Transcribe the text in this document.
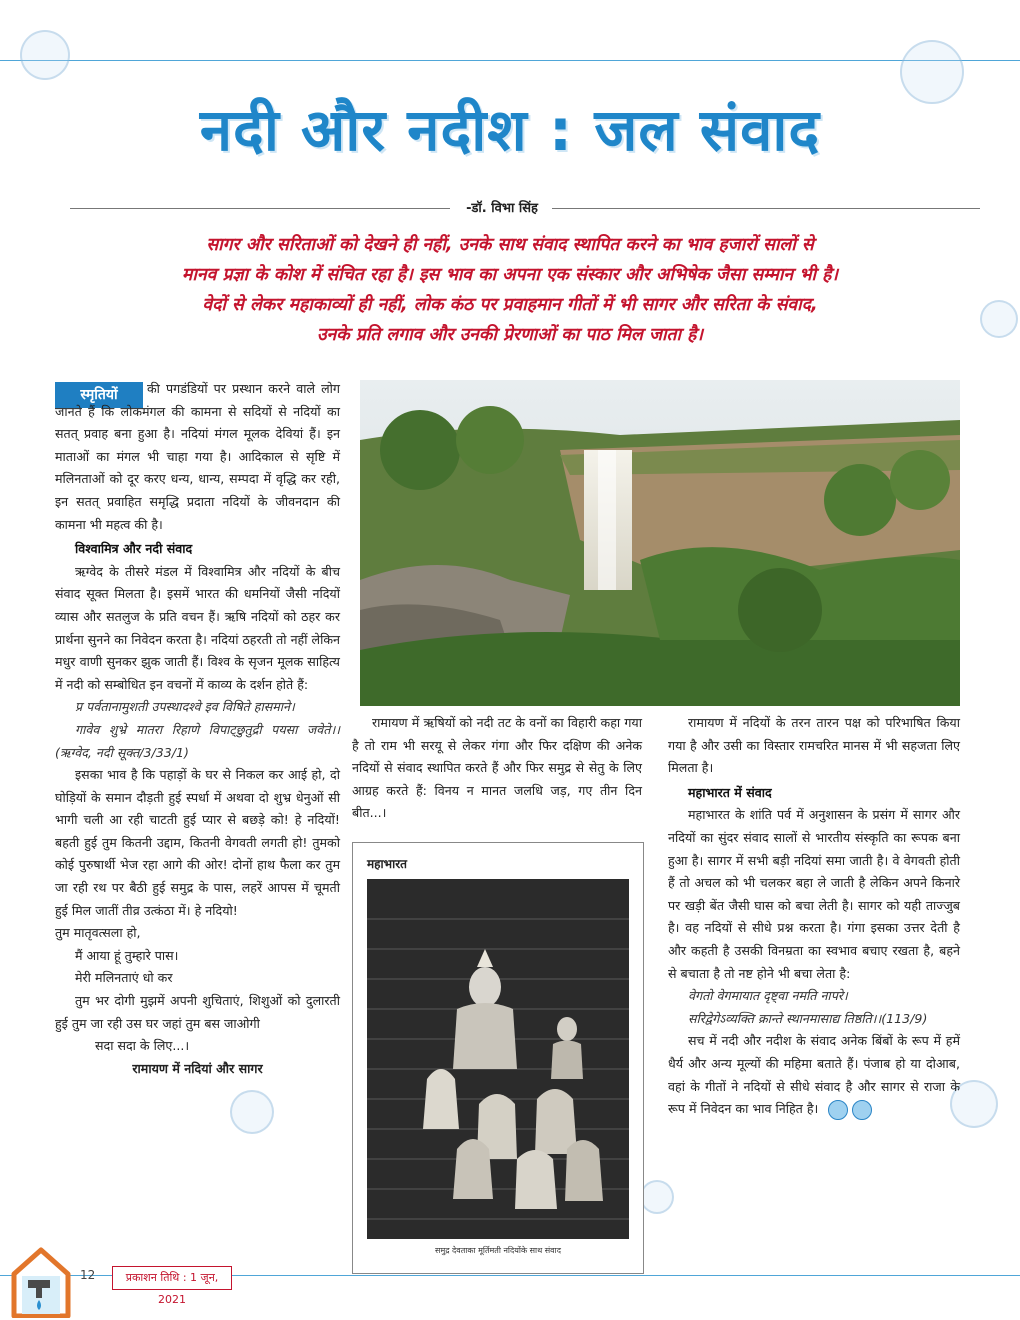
नदी और नदीश : जल संवाद
-डॉ. विभा सिंह
सागर और सरिताओं को देखने ही नहीं, उनके साथ संवाद स्थापित करने का भाव हजारों सालों से
मानव प्रज्ञा के कोश में संचित रहा है। इस भाव का अपना एक संस्कार और अभिषेक जैसा सम्मान भी है।
वेदों से लेकर महाकाव्यों ही नहीं, लोक कंठ पर प्रवाहमान गीतों में भी सागर और सरिता के संवाद,
उनके प्रति लगाव और उनकी प्रेरणाओं का पाठ मिल जाता है।
स्मृतियों	की पगडंडियों पर प्रस्थान करने वाले लोग जानते हैं कि लोकमंगल की कामना से सदियों से नदियों का सतत् प्रवाह बना हुआ है। नदियां मंगल मूलक देवियां हैं। इन माताओं का मंगल भी चाहा गया है। आदिकाल से सृष्टि में मलिनताओं को दूर करए धन्य, धान्य, सम्पदा में वृद्धि कर रही, इन सतत् प्रवाहित समृद्धि प्रदाता नदियों के जीवनदान की कामना भी महत्व की है।

विश्वामित्र और नदी संवाद

ऋग्वेद के तीसरे मंडल में विश्वामित्र और नदियों के बीच संवाद सूक्त मिलता है। इसमें भारत की धमनियों जैसी नदियों व्यास और सतलुज के प्रति वचन हैं। ऋषि नदियों को ठहर कर प्रार्थना सुनने का निवेदन करता है। नदियां ठहरती तो नहीं लेकिन मधुर वाणी सुनकर झुक जाती हैं। विश्व के सृजन मूलक साहित्य में नदी को सम्बोधित इन वचनों में काव्य के दर्शन होते हैं:

प्र पर्वतानामुशती उपस्थादश्वे इव विषिते हासमाने।

गावेव शुभ्रे मातरा रिहाणे विपाट्छुतुद्री पयसा जवेते।।(ऋग्वेद, नदी सूक्त/3/33/1)

इसका भाव है कि पहाड़ों के घर से निकल कर आई हो, दो घोड़ियों के समान दौड़ती हुई स्पर्धा में अथवा दो शुभ्र धेनुओं सी भागी चली आ रही चाटती हुई प्यार से बछड़े को! हे नदियों! बहती हुई तुम कितनी उद्दाम, कितनी वेगवती लगती हो! तुमको कोई पुरुषार्थी भेज रहा आगे की ओर! दोनों हाथ फैला कर तुम जा रही रथ पर बैठी हुई समुद्र के पास, लहरें आपस में चूमती हुई मिल जातीं तीव्र उत्कंठा में। हे नदियो!

तुम मातृवत्सला हो,

मैं आया हूं तुम्हारे पास।

मेरी मलिनताएं धो कर

तुम भर दोगी मुझमें अपनी शुचिताएं, शिशुओं को दुलारती हुई तुम जा रही उस घर जहां तुम बस जाओगी

सदा सदा के लिए...।

रामायण में नदियां और सागर

रामायण में ऋषियों को नदी तट के वनों का विहारी कहा गया है तो राम भी सरयू से लेकर गंगा और फिर दक्षिण की अनेक नदियों से संवाद स्थापित करते हैं और फिर समुद्र से सेतु के लिए आग्रह करते हैं: विनय न मानत जलधि जड़, गए तीन दिन बीत...।

महाभारत
समुद्र देवताका मूर्तिमती नदियोंके साथ संवाद

रामायण में नदियों के तरन तारन पक्ष को परिभाषित किया गया है और उसी का विस्तार रामचरित मानस में भी सहजता लिए मिलता है।

महाभारत में संवाद

महाभारत के शांति पर्व में अनुशासन के प्रसंग में सागर और नदियों का सुंदर संवाद सालों से भारतीय संस्कृति का रूपक बना हुआ है। सागर में सभी बड़ी नदियां समा जाती है। वे वेगवती होती हैं तो अचल को भी चलकर बहा ले जाती है लेकिन अपने किनारे पर खड़ी बेंत जैसी घास को बचा लेती है। सागर को यही ताज्जुब है। वह नदियों से सीधे प्रश्न करता है। गंगा इसका उत्तर देती है और कहती है उसकी विनम्रता का स्वभाव बचाए रखता है, बहने से बचाता है तो नष्ट होने भी बचा लेता है:

वेगतो वेगमायात दृष्ट्वा नमति नापरे।

सरिद्वेगेऽव्यक्ति क्रान्ते स्थानमासाद्य तिष्ठति।।(113/9)

सच में नदी और नदीश के संवाद अनेक बिंबों के रूप में हमें धैर्य और अन्य मूल्यों की महिमा बताते हैं। पंजाब हो या दोआब, वहां के गीतों ने नदियों से सीधे संवाद है और सागर से राजा के रूप में निवेदन का भाव निहित है।

12	प्रकाशन तिथि : 1 जून, 2021
